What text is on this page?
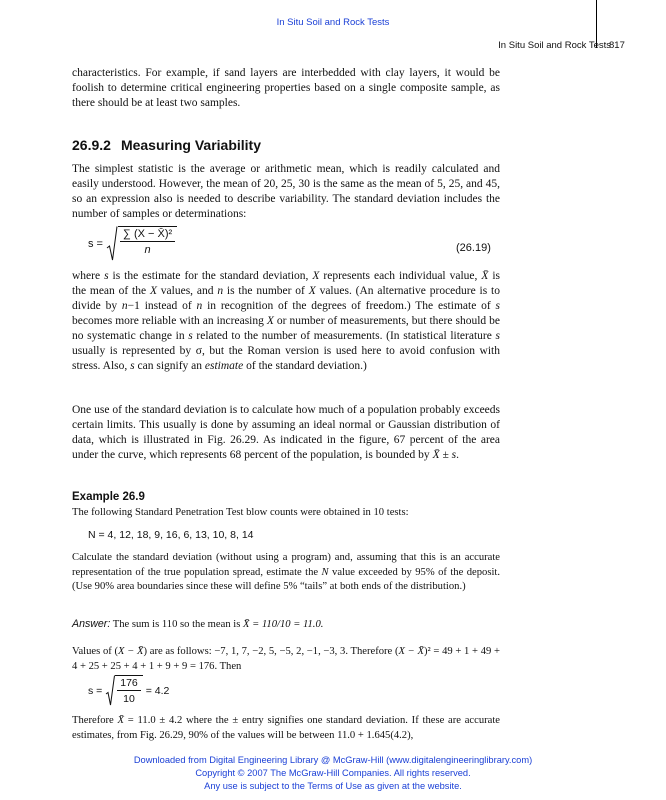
In Situ Soil and Rock Tests
In Situ Soil and Rock Tests
817

characteristics. For example, if sand layers are interbedded with clay layers, it would be foolish to determine critical engineering properties based on a single composite sample, as there should be at least two samples.

26.9.2 Measuring Variability

The simplest statistic is the average or arithmetic mean, which is readily calculated and easily understood. However, the mean of 20, 25, 30 is the same as the mean of 5, 25, and 45, so an expression also is needed to describe variability. The standard deviation includes the number of samples or determinations:

$s = \frac{\text{∑ (X − X̄)²}}{n}$	(26.19)

where s is the estimate for the standard deviation, X represents each individual value, X̄ is the mean of the X values, and n is the number of X values. (An alternative procedure is to divide by n−1 instead of n in recognition of the degrees of freedom.) The estimate of s becomes more reliable with an increasing X or number of measurements, but there should be no systematic change in s related to the number of measurements. (In statistical literature s usually is represented by σ, but the Roman version is used here to avoid confusion with stress. Also, s can signify an estimate of the standard deviation.)

One use of the standard deviation is to calculate how much of a population probably exceeds certain limits. This usually is done by assuming an ideal normal or Gaussian distribution of data, which is illustrated in Fig. 26.29. As indicated in the figure, 67 percent of the area under the curve, which represents 68 percent of the population, is bounded by X̄ ± s.

Example 26.9

The following Standard Penetration Test blow counts were obtained in 10 tests:

N = 4, 12, 18, 9, 16, 6, 13, 10, 8, 14

Calculate the standard deviation (without using a program) and, assuming that this is an accurate representation of the true population spread, estimate the N value exceeded by 95% of the deposit. (Use 90% area boundaries since these will define 5% “tails” at both ends of the distribution.)

Answer: The sum is 110 so the mean is X̄ = 110/10 = 11.0.

Values of (X − X̄) are as follows: −7, 1, 7, −2, 5, −5, 2, −1, −3, 3. Therefore (X − X̄)² = 49 + 1 + 49 + 4 + 25 + 25 + 4 + 1 + 9 + 9 = 176. Then

$s = \frac{176}{10} = 4.2$

Therefore X̄ = 11.0 ± 4.2 where the ± entry signifies one standard deviation. If these are accurate estimates, from Fig. 26.29, 90% of the values will be between 11.0 + 1.645(4.2),

Downloaded from Digital Engineering Library @ McGraw-Hill (www.digitalengineeringlibrary.com)
Copyright © 2007 The McGraw-Hill Companies. All rights reserved.
Any use is subject to the Terms of Use as given at the website.
